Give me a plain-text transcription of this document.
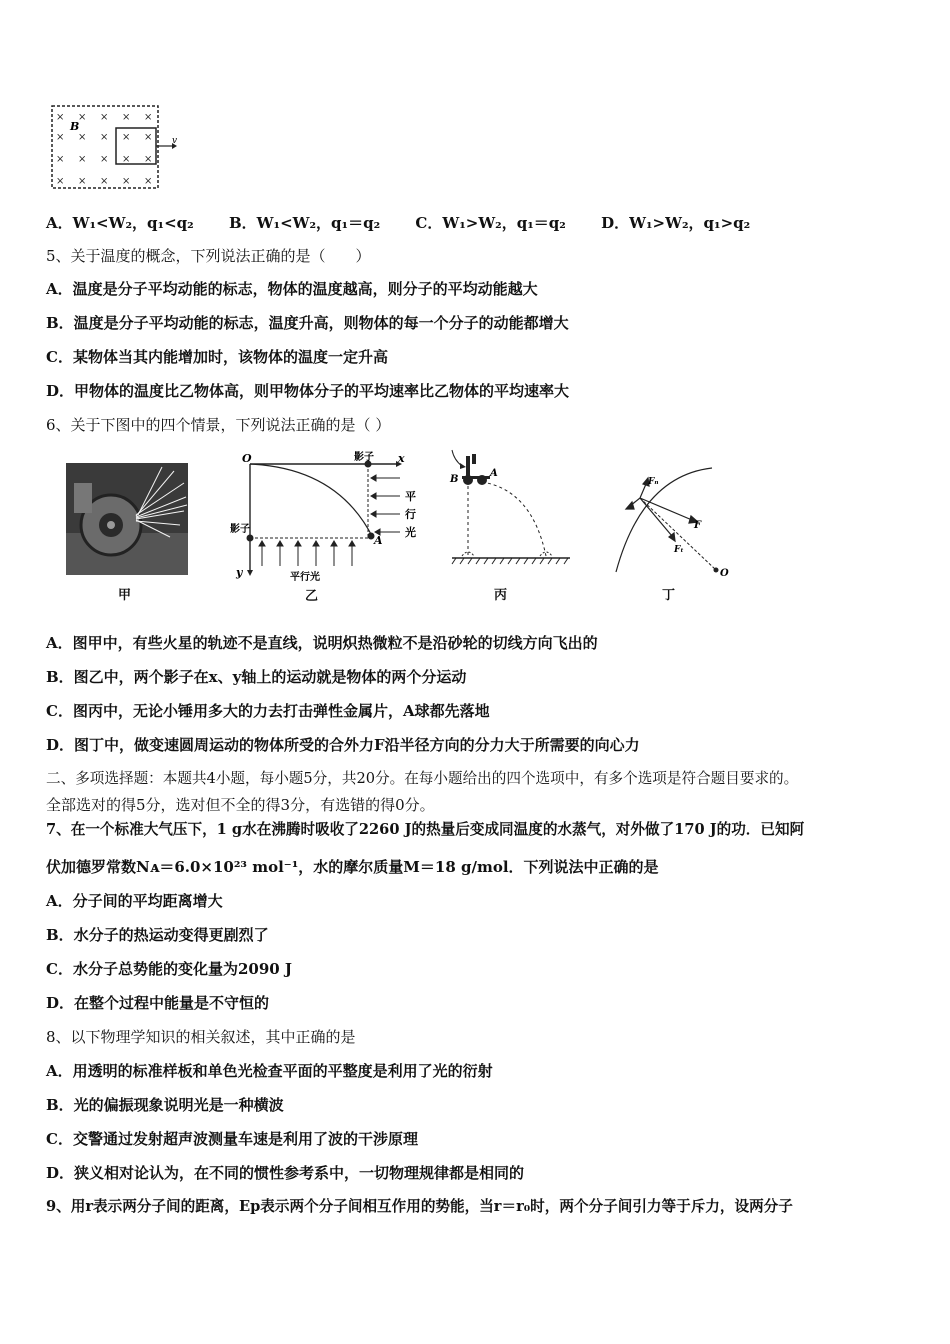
× × × × ×
× ×
×	× ×
× × × × ×
× × × × ×
B
v
A．W₁<W₂，q₁<q₂ B．W₁<W₂，q₁＝q₂ C．W₁>W₂，q₁＝q₂ D．W₁>W₂，q₁>q₂
5、关于温度的概念，下列说法正确的是（　　）
A．温度是分子平均动能的标志，物体的温度越高，则分子的平均动能越大
B．温度是分子平均动能的标志，温度升高，则物体的每一个分子的动能都增大
C．某物体当其内能增加时，该物体的温度一定升高
D．甲物体的温度比乙物体高，则甲物体分子的平均速率比乙物体的平均速率大
6、关于下图中的四个情景，下列说法正确的是（ ）
甲
O	x
y
影子
影子
A
平
行
光
平行光
乙
B
A
丙
O
Fₙ
F
Fₜ
丁
A．图甲中，有些火星的轨迹不是直线，说明炽热微粒不是沿砂轮的切线方向飞出的
B．图乙中，两个影子在x、y轴上的运动就是物体的两个分运动
C．图丙中，无论小锤用多大的力去打击弹性金属片，A球都先落地
D．图丁中，做变速圆周运动的物体所受的合外力F沿半径方向的分力大于所需要的向心力
二、多项选择题：本题共4小题，每小题5分，共20分。在每小题给出的四个选项中，有多个选项是符合题目要求的。
全部选对的得5分，选对但不全的得3分，有选错的得0分。
7、在一个标准大气压下，1 g水在沸腾时吸收了2260 J的热量后变成同温度的水蒸气，对外做了170 J的功．已知阿
伏加德罗常数Nᴀ＝6.0×10²³ mol⁻¹，水的摩尔质量M＝18 g/mol．下列说法中正确的是
A．分子间的平均距离增大
B．水分子的热运动变得更剧烈了
C．水分子总势能的变化量为2090 J
D．在整个过程中能量是不守恒的
8、以下物理学知识的相关叙述，其中正确的是
A．用透明的标准样板和单色光检查平面的平整度是利用了光的衍射
B．光的偏振现象说明光是一种横波
C．交警通过发射超声波测量车速是利用了波的干涉原理
D．狭义相对论认为，在不同的惯性参考系中，一切物理规律都是相同的
9、用r表示两分子间的距离，Ep表示两个分子间相互作用的势能，当r＝r₀时，两个分子间引力等于斥力，设两分子
